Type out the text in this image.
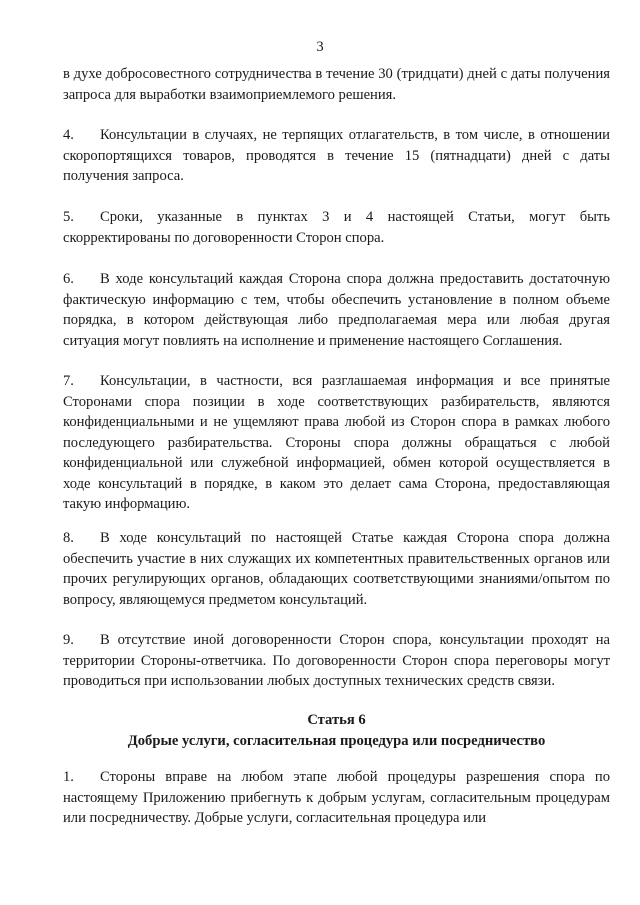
3
в духе добросовестного сотрудничества в течение 30 (тридцати) дней с даты получения запроса для выработки взаимоприемлемого решения.
4. Консультации в случаях, не терпящих отлагательств, в том числе, в отношении скоропортящихся товаров, проводятся в течение 15 (пятнадцати) дней с даты получения запроса.
5. Сроки, указанные в пунктах 3 и 4 настоящей Статьи, могут быть скорректированы по договоренности Сторон спора.
6. В ходе консультаций каждая Сторона спора должна предоставить достаточную фактическую информацию с тем, чтобы обеспечить установление в полном объеме порядка, в котором действующая либо предполагаемая мера или любая другая ситуация могут повлиять на исполнение и применение настоящего Соглашения.
7. Консультации, в частности, вся разглашаемая информация и все принятые Сторонами спора позиции в ходе соответствующих разбирательств, являются конфиденциальными и не ущемляют права любой из Сторон спора в рамках любого последующего разбирательства. Стороны спора должны обращаться с любой конфиденциальной или служебной информацией, обмен которой осуществляется в ходе консультаций в порядке, в каком это делает сама Сторона, предоставляющая такую информацию.
8. В ходе консультаций по настоящей Статье каждая Сторона спора должна обеспечить участие в них служащих их компетентных правительственных органов или прочих регулирующих органов, обладающих соответствующими знаниями/опытом по вопросу, являющемуся предметом консультаций.
9. В отсутствие иной договоренности Сторон спора, консультации проходят на территории Стороны-ответчика. По договоренности Сторон спора переговоры могут проводиться при использовании любых доступных технических средств связи.
Статья 6
Добрые услуги, согласительная процедура или посредничество
1. Стороны вправе на любом этапе любой процедуры разрешения спора по настоящему Приложению прибегнуть к добрым услугам, согласительным процедурам или посредничеству. Добрые услуги, согласительная процедура или
